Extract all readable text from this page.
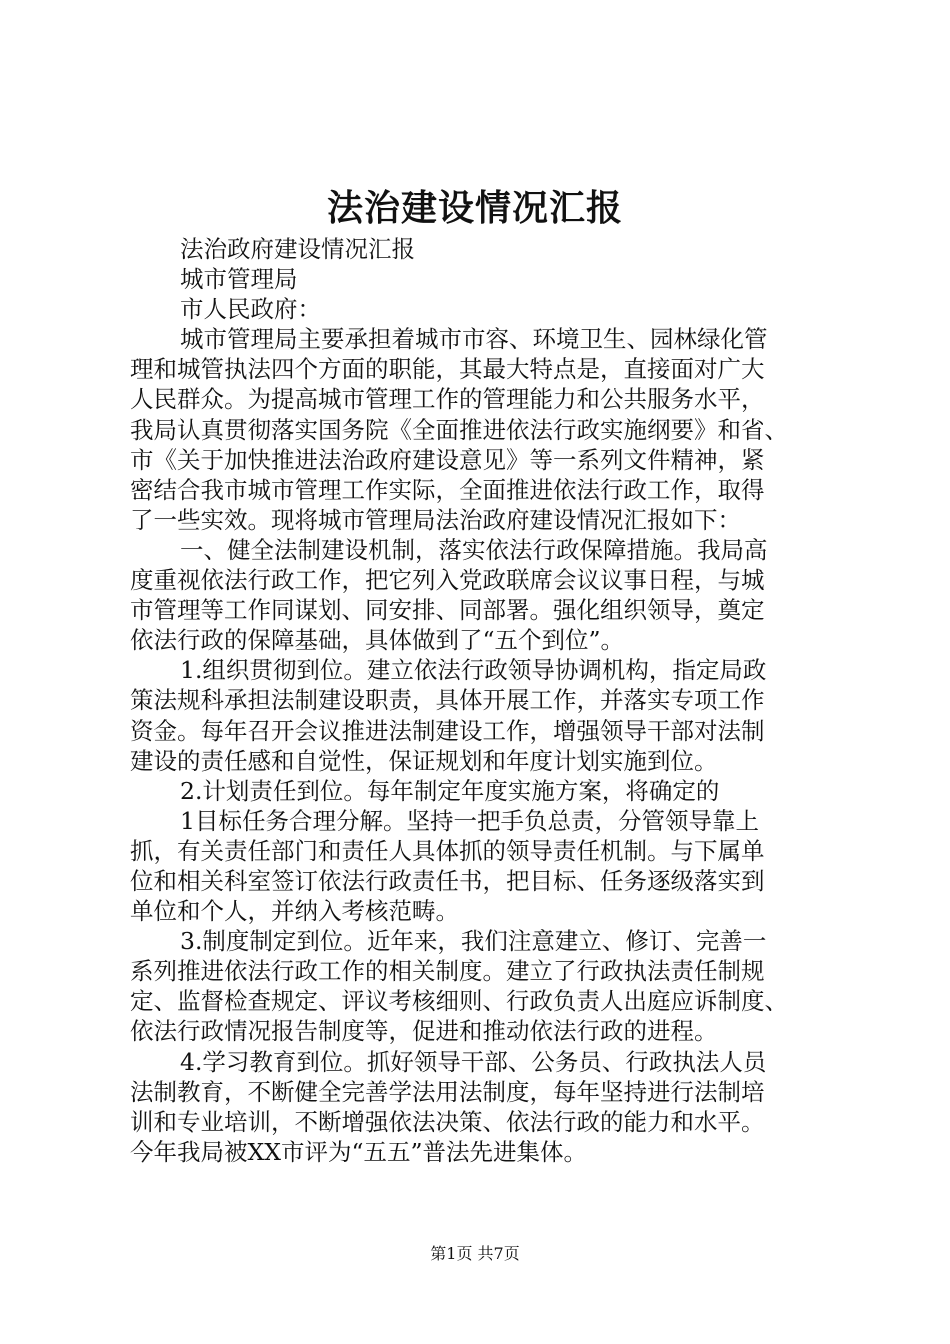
法治建设情况汇报
法治政府建设情况汇报
城市管理局
市人民政府：
城市管理局主要承担着城市市容、环境卫生、园林绿化管
理和城管执法四个方面的职能，其最大特点是，直接面对广大
人民群众。为提高城市管理工作的管理能力和公共服务水平，
我局认真贯彻落实国务院《全面推进依法行政实施纲要》和省、
市《关于加快推进法治政府建设意见》等一系列文件精神，紧
密结合我市城市管理工作实际，全面推进依法行政工作，取得
了一些实效。现将城市管理局法治政府建设情况汇报如下：
一、健全法制建设机制，落实依法行政保障措施。我局高
度重视依法行政工作，把它列入党政联席会议议事日程，与城
市管理等工作同谋划、同安排、同部署。强化组织领导，奠定
依法行政的保障基础，具体做到了“五个到位”。
1.组织贯彻到位。建立依法行政领导协调机构，指定局政
策法规科承担法制建设职责，具体开展工作，并落实专项工作
资金。每年召开会议推进法制建设工作，增强领导干部对法制
建设的责任感和自觉性，保证规划和年度计划实施到位。
2.计划责任到位。每年制定年度实施方案，将确定的
1目标任务合理分解。坚持一把手负总责，分管领导靠上
抓，有关责任部门和责任人具体抓的领导责任机制。与下属单
位和相关科室签订依法行政责任书，把目标、任务逐级落实到
单位和个人，并纳入考核范畴。
3.制度制定到位。近年来，我们注意建立、修订、完善一
系列推进依法行政工作的相关制度。建立了行政执法责任制规
定、监督检查规定、评议考核细则、行政负责人出庭应诉制度、
依法行政情况报告制度等，促进和推动依法行政的进程。
4.学习教育到位。抓好领导干部、公务员、行政执法人员
法制教育，不断健全完善学法用法制度，每年坚持进行法制培
训和专业培训，不断增强依法决策、依法行政的能力和水平。
今年我局被XX市评为“五五”普法先进集体。
第1页 共7页
